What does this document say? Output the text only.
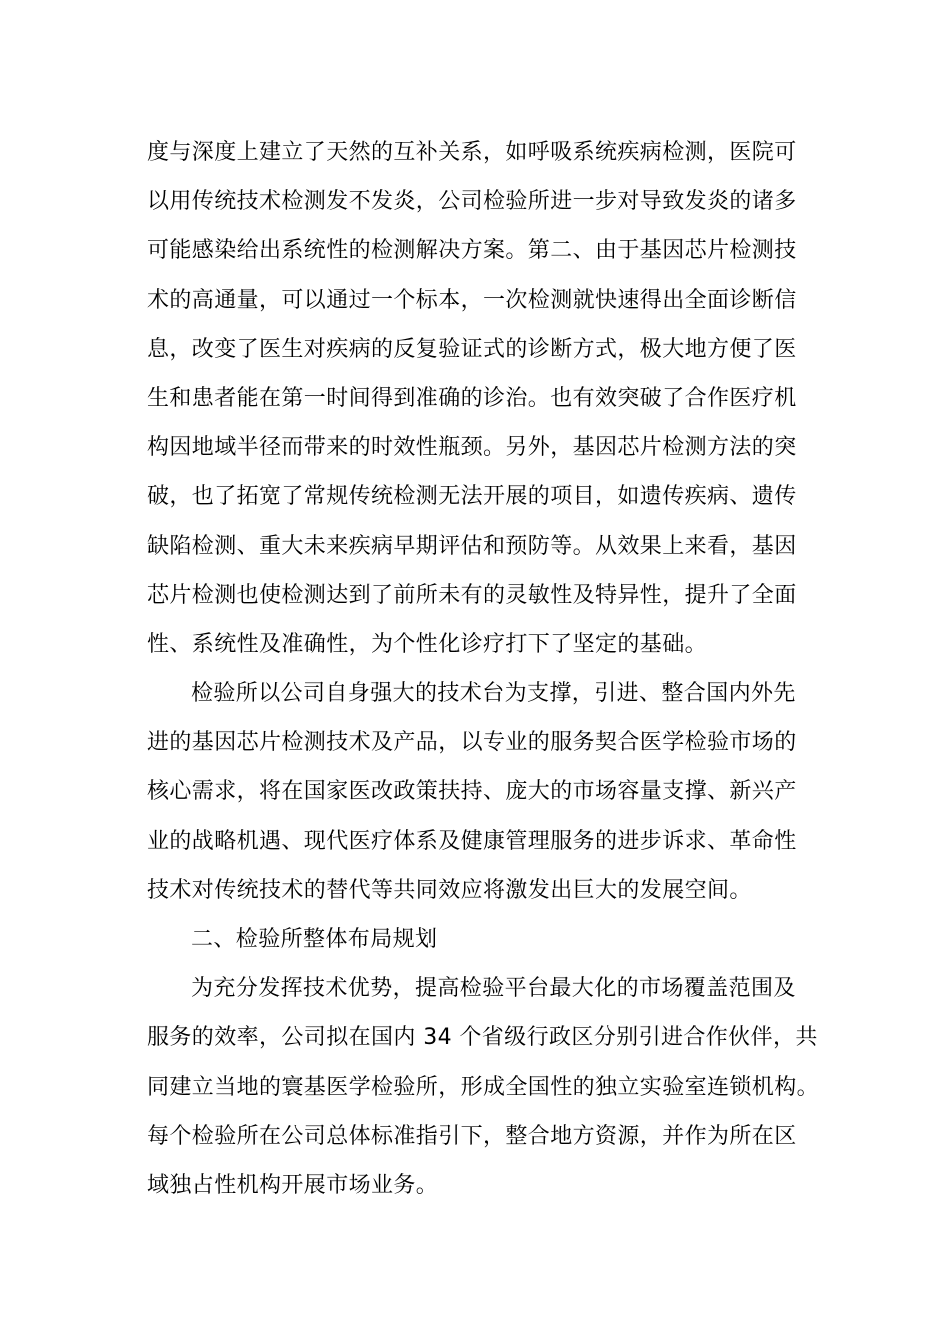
度与深度上建立了天然的互补关系，如呼吸系统疾病检测，医院可
以用传统技术检测发不发炎，公司检验所进一步对导致发炎的诸多
可能感染给出系统性的检测解决方案。第二、由于基因芯片检测技
术的高通量，可以通过一个标本，一次检测就快速得出全面诊断信
息，改变了医生对疾病的反复验证式的诊断方式，极大地方便了医
生和患者能在第一时间得到准确的诊治。也有效突破了合作医疗机
构因地域半径而带来的时效性瓶颈。另外，基因芯片检测方法的突
破，也了拓宽了常规传统检测无法开展的项目，如遗传疾病、遗传
缺陷检测、重大未来疾病早期评估和预防等。从效果上来看，基因
芯片检测也使检测达到了前所未有的灵敏性及特异性，提升了全面
性、系统性及准确性，为个性化诊疗打下了坚定的基础。
检验所以公司自身强大的技术台为支撑，引进、整合国内外先
进的基因芯片检测技术及产品，以专业的服务契合医学检验市场的
核心需求，将在国家医改政策扶持、庞大的市场容量支撑、新兴产
业的战略机遇、现代医疗体系及健康管理服务的进步诉求、革命性
技术对传统技术的替代等共同效应将激发出巨大的发展空间。
二、检验所整体布局规划
为充分发挥技术优势，提高检验平台最大化的市场覆盖范围及
服务的效率，公司拟在国内 34 个省级行政区分别引进合作伙伴，共
同建立当地的寰基医学检验所，形成全国性的独立实验室连锁机构。
每个检验所在公司总体标准指引下，整合地方资源，并作为所在区
域独占性机构开展市场业务。
